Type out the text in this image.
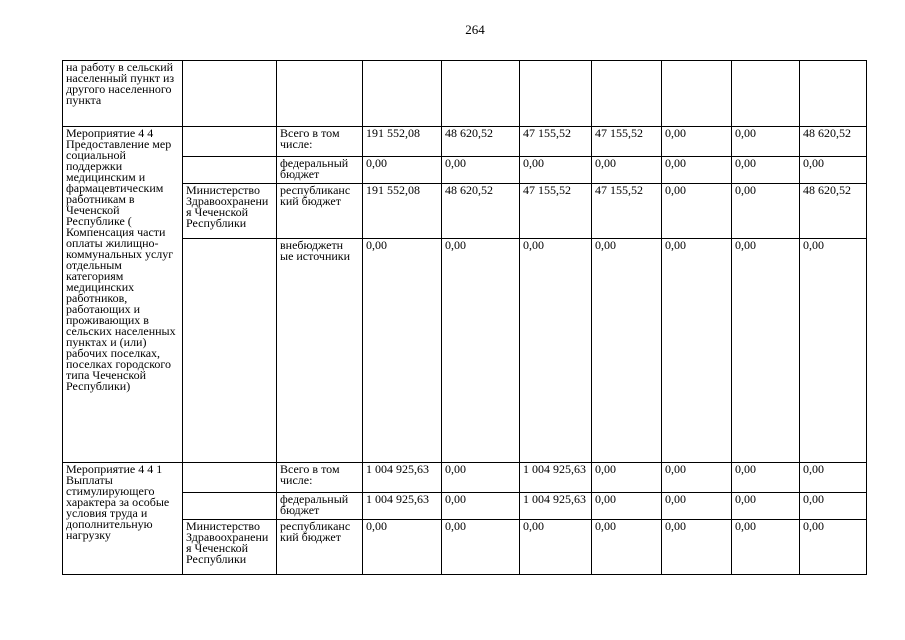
264
на работу в сельский населенный пункт из другого населенного пункта									
Мероприятие 4 4 Предоставление мер социальной поддержки медицинским и фармацевтическим работникам в Чеченской Республике ( Компенсация части оплаты жилищно-коммунальных услуг отдельным категориям медицинских работников, работающих и проживающих в сельских населенных пунктах и (или) рабочих поселках, поселках городского типа Чеченской Республики)		Всего в том числе:	191 552,08	48 620,52	47 155,52	47 155,52	0,00	0,00	48 620,52
		федеральный бюджет	0,00	0,00	0,00	0,00	0,00	0,00	0,00
	Министерство Здравоохранени я Чеченской Республики	республиканс кий бюджет	191 552,08	48 620,52	47 155,52	47 155,52	0,00	0,00	48 620,52
		внебюджетн ые источники	0,00	0,00	0,00	0,00	0,00	0,00	0,00
Мероприятие 4 4 1 Выплаты стимулирующего характера за особые условия труда и дополнительную нагрузку		Всего в том числе:	1 004 925,63	0,00	1 004 925,63	0,00	0,00	0,00	0,00
		федеральный бюджет	1 004 925,63	0,00	1 004 925,63	0,00	0,00	0,00	0,00
	Министерство Здравоохранени я Чеченской Республики	республиканс кий бюджет	0,00	0,00	0,00	0,00	0,00	0,00	0,00
